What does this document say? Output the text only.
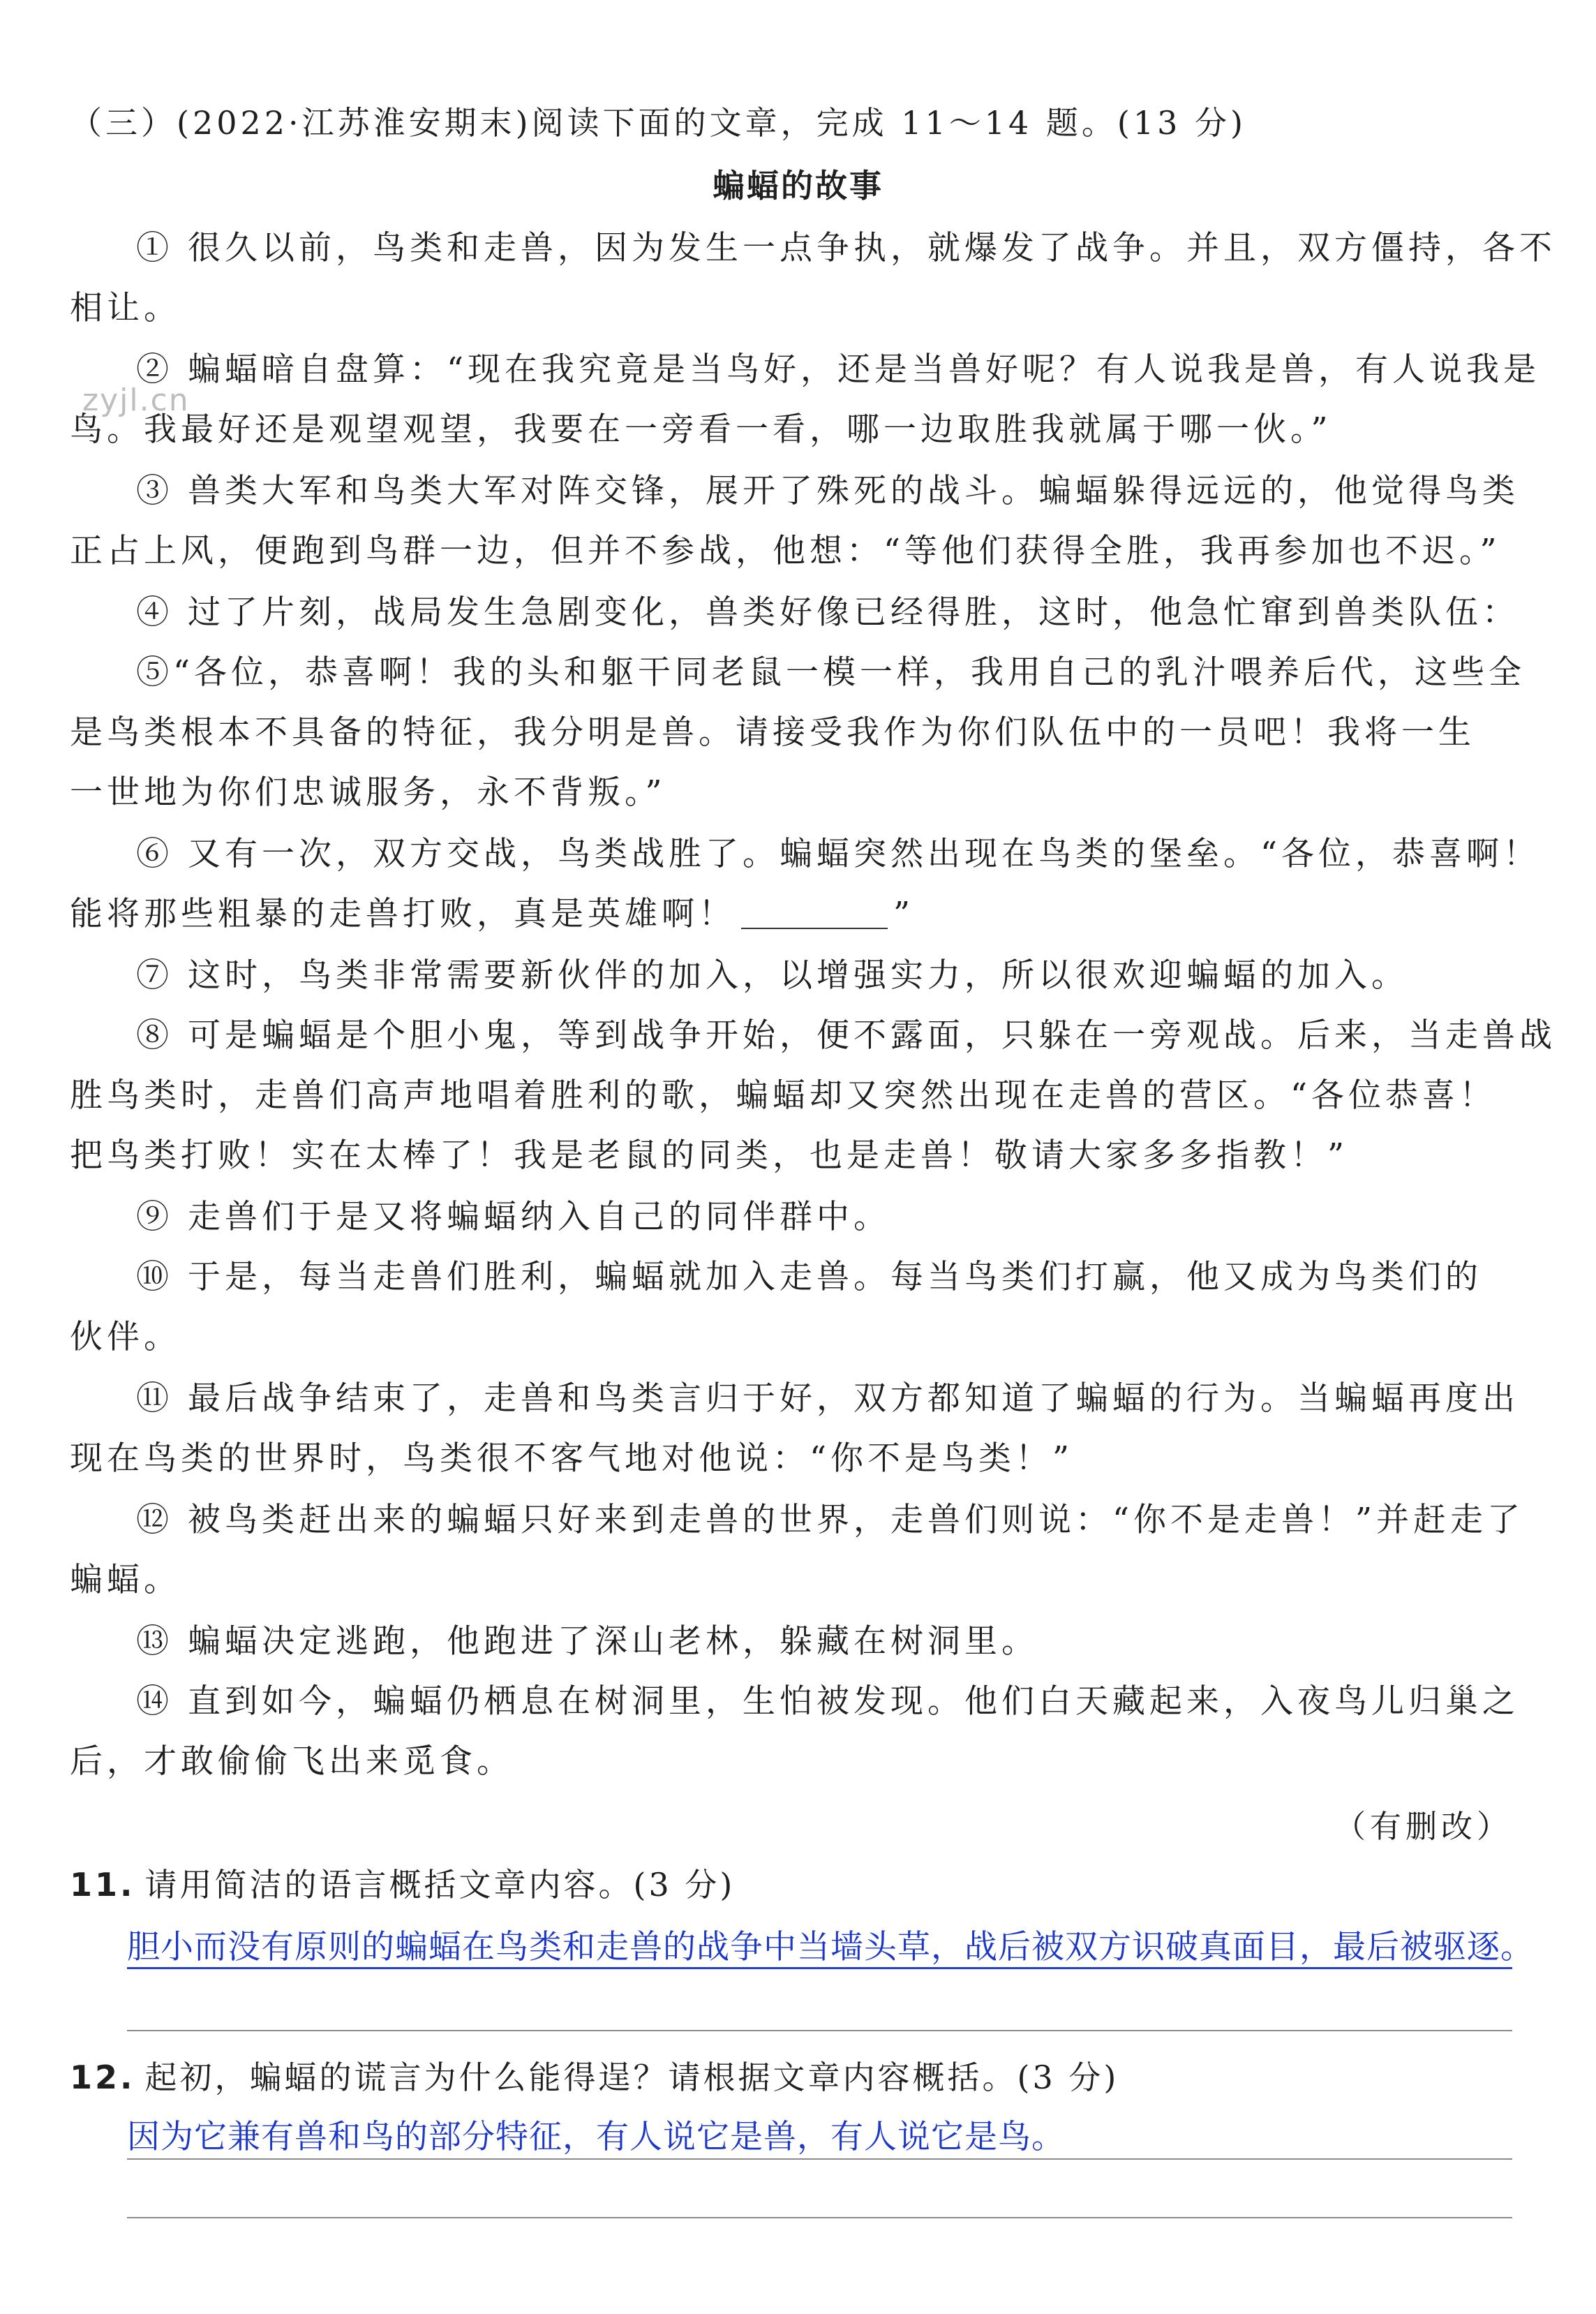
（三）(2022·江苏淮安期末)阅读下面的文章，完成 11～14 题。(13 分)
蝙蝠的故事
zyjl.cn
① 很久以前，鸟类和走兽，因为发生一点争执，就爆发了战争。并且，双方僵持，各不
相让。
② 蝙蝠暗自盘算：“现在我究竟是当鸟好，还是当兽好呢？有人说我是兽，有人说我是
鸟。我最好还是观望观望，我要在一旁看一看，哪一边取胜我就属于哪一伙。”
③ 兽类大军和鸟类大军对阵交锋，展开了殊死的战斗。蝙蝠躲得远远的，他觉得鸟类
正占上风，便跑到鸟群一边，但并不参战，他想：“等他们获得全胜，我再参加也不迟。”
④ 过了片刻，战局发生急剧变化，兽类好像已经得胜，这时，他急忙窜到兽类队伍：
⑤“各位，恭喜啊！我的头和躯干同老鼠一模一样，我用自己的乳汁喂养后代，这些全
是鸟类根本不具备的特征，我分明是兽。请接受我作为你们队伍中的一员吧！我将一生
一世地为你们忠诚服务，永不背叛。”
⑥ 又有一次，双方交战，鸟类战胜了。蝙蝠突然出现在鸟类的堡垒。“各位，恭喜啊！
能将那些粗暴的走兽打败，真是英雄啊！	”
⑦ 这时，鸟类非常需要新伙伴的加入，以增强实力，所以很欢迎蝙蝠的加入。
⑧ 可是蝙蝠是个胆小鬼，等到战争开始，便不露面，只躲在一旁观战。后来，当走兽战
胜鸟类时，走兽们高声地唱着胜利的歌，蝙蝠却又突然出现在走兽的营区。“各位恭喜！
把鸟类打败！实在太棒了！我是老鼠的同类，也是走兽！敬请大家多多指教！”
⑨ 走兽们于是又将蝙蝠纳入自己的同伴群中。
⑩ 于是，每当走兽们胜利，蝙蝠就加入走兽。每当鸟类们打赢，他又成为鸟类们的
伙伴。
⑪ 最后战争结束了，走兽和鸟类言归于好，双方都知道了蝙蝠的行为。当蝙蝠再度出
现在鸟类的世界时，鸟类很不客气地对他说：“你不是鸟类！”
⑫ 被鸟类赶出来的蝙蝠只好来到走兽的世界，走兽们则说：“你不是走兽！”并赶走了
蝙蝠。
⑬ 蝙蝠决定逃跑，他跑进了深山老林，躲藏在树洞里。
⑭ 直到如今，蝙蝠仍栖息在树洞里，生怕被发现。他们白天藏起来，入夜鸟儿归巢之
后，才敢偷偷飞出来觅食。
（有删改）
11. 请用简洁的语言概括文章内容。(3 分)
胆小而没有原则的蝙蝠在鸟类和走兽的战争中当墙头草，战后被双方识破真面目，最后被驱逐。
12. 起初，蝙蝠的谎言为什么能得逞？请根据文章内容概括。(3 分)
因为它兼有兽和鸟的部分特征，有人说它是兽，有人说它是鸟。
